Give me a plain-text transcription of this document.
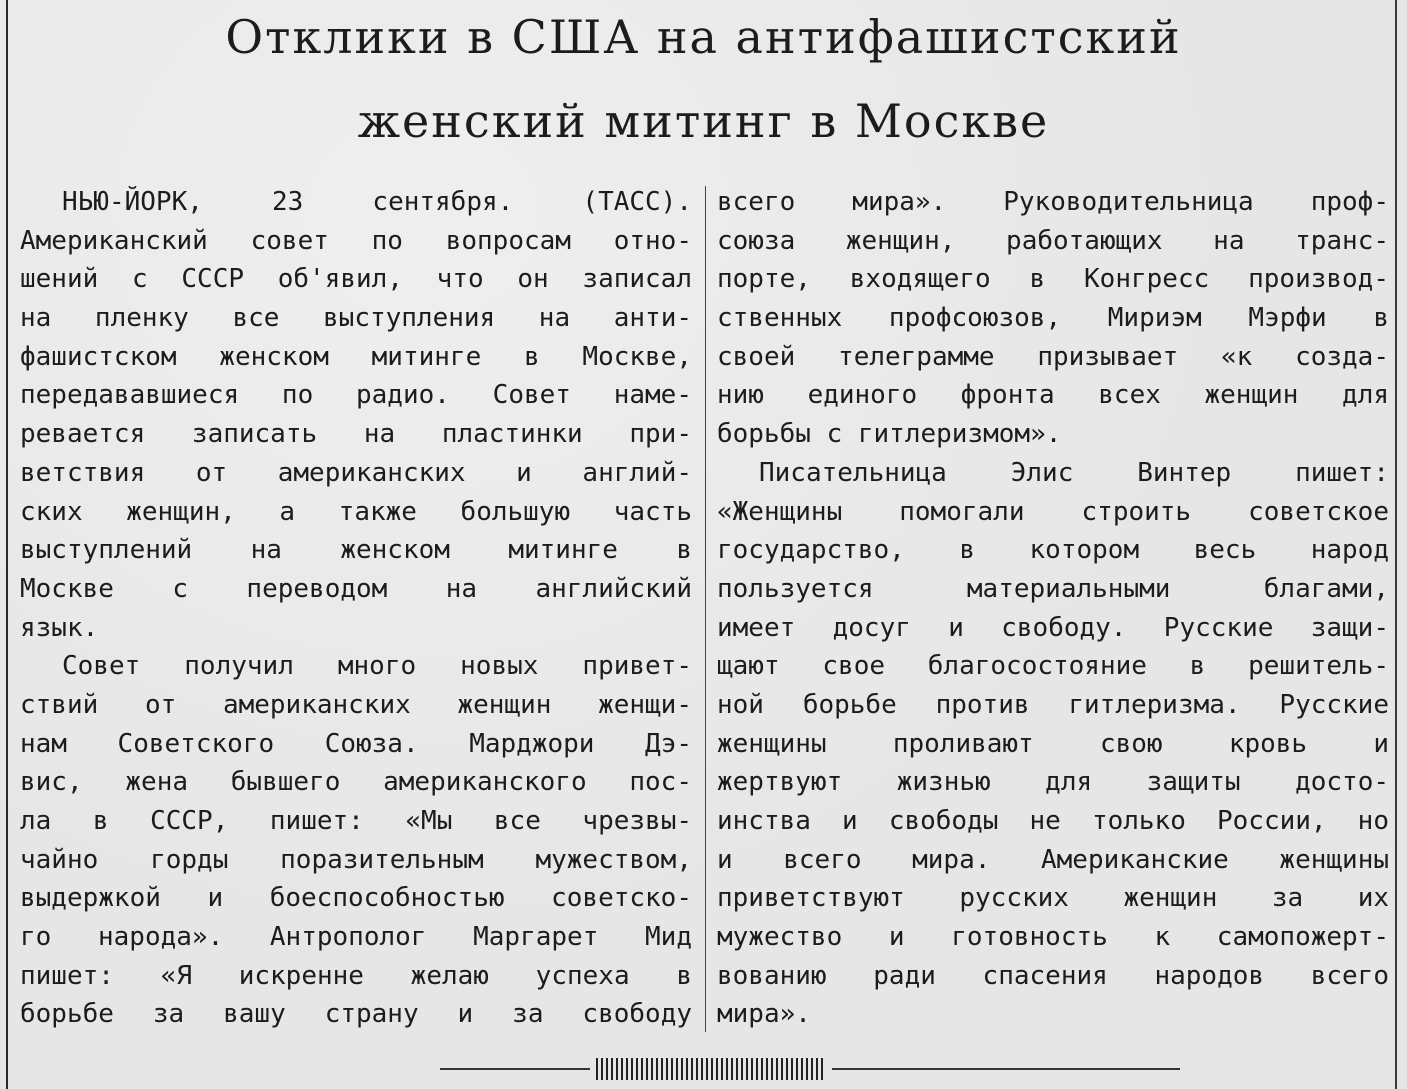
Отклики в США на антифашистский
женский митинг в Москве
НЬЮ-ЙОРК, 23 сентября. (ТАСС).
Американский совет по вопросам отно-
шений с СССР об'явил, что он записал
на пленку все выступления на анти-
фашистском женском митинге в Москве,
передававшиеся по радио. Совет наме-
ревается записать на пластинки при-
ветствия от американских и англий-
ских женщин, а также большую часть
выступлений на женском митинге в
Москве с переводом на английский
язык.
Совет получил много новых привет-
ствий от американских женщин женщи-
нам Советского Союза. Марджори Дэ-
вис, жена бывшего американского пос-
ла в СССР, пишет: «Мы все чрезвы-
чайно горды поразительным мужеством,
выдержкой и боеспособностью советско-
го народа». Антрополог Маргарет Мид
пишет: «Я искренне желаю успеха в
борьбе за вашу страну и за свободу
всего мира». Руководительница проф-
союза женщин, работающих на транс-
порте, входящего в Конгресс производ-
ственных профсоюзов, Мириэм Мэрфи в
своей телеграмме призывает «к созда-
нию единого фронта всех женщин для
борьбы с гитлеризмом».
Писательница Элис Винтер пишет:
«Женщины помогали строить советское
государство, в котором весь народ
пользуется материальными благами,
имеет досуг и свободу. Русские защи-
щают свое благосостояние в решитель-
ной борьбе против гитлеризма. Русские
женщины проливают свою кровь и
жертвуют жизнью для защиты досто-
инства и свободы не только России, но
и всего мира. Американские женщины
приветствуют русских женщин за их
мужество и готовность к самопожерт-
вованию ради спасения народов всего
мира».
